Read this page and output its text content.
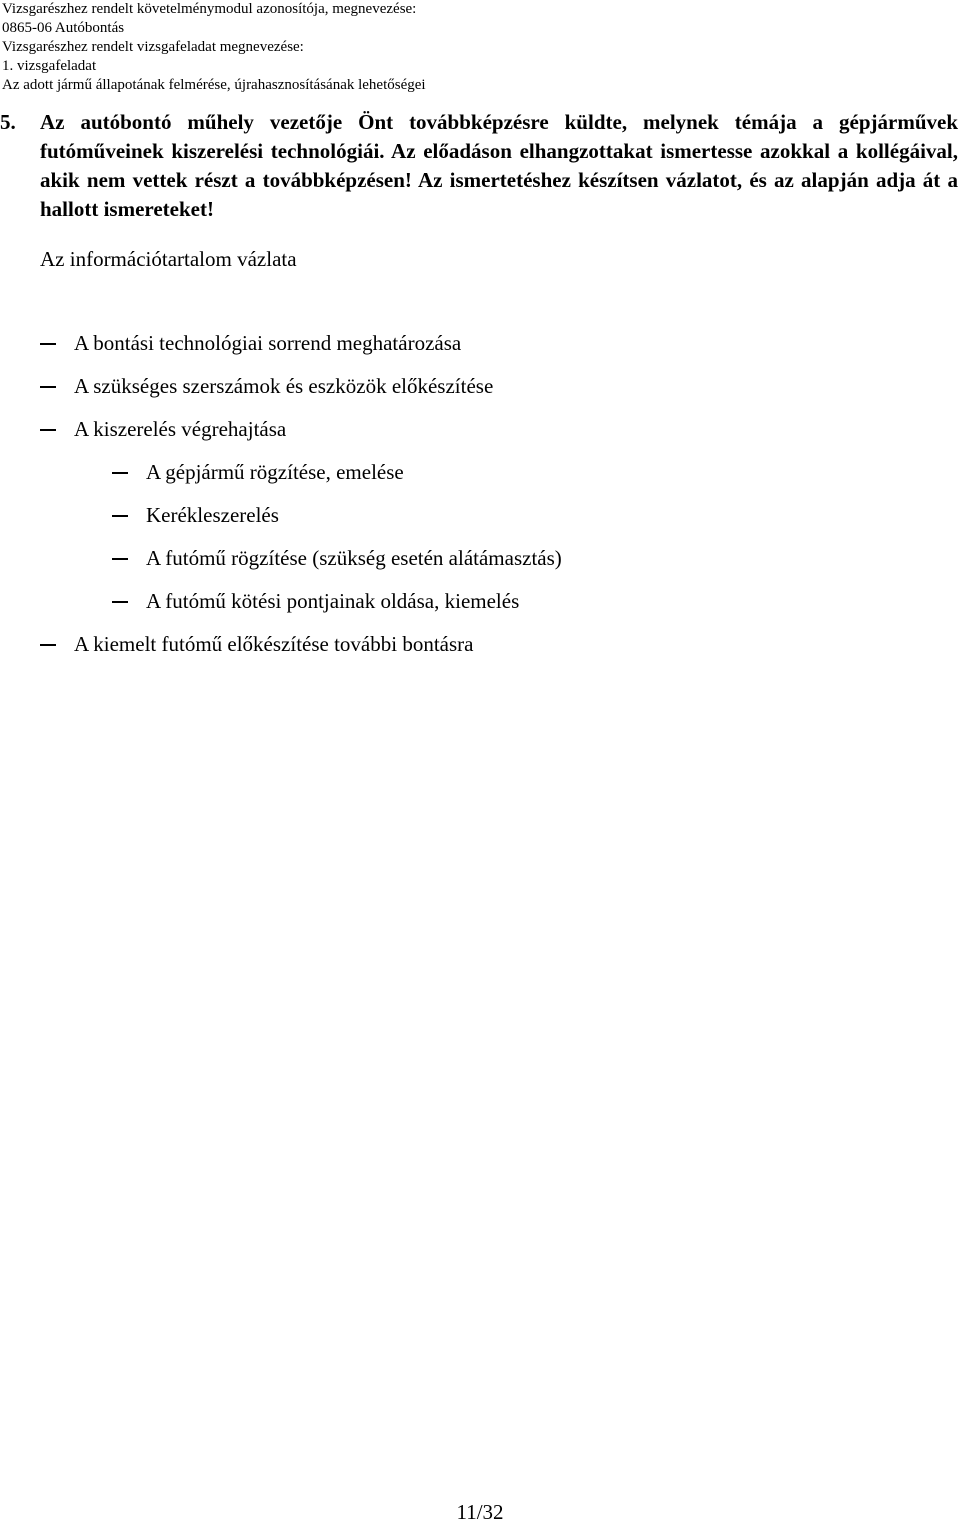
Vizsgarészhez rendelt követelménymodul azonosítója, megnevezése:
0865-06 Autóbontás
Vizsgarészhez rendelt vizsgafeladat megnevezése:
1. vizsgafeladat
Az adott jármű állapotának felmérése, újrahasznosításának lehetőségei
5.	Az autóbontó műhely vezetője Önt továbbképzésre küldte, melynek témája a gépjárművek futóműveinek kiszerelési technológiái. Az előadáson elhangzottakat ismertesse azokkal a kollégáival, akik nem vettek részt a továbbképzésen! Az ismertetéshez készítsen vázlatot, és az alapján adja át a hallott ismereteket!
Az információtartalom vázlata
A bontási technológiai sorrend meghatározása
A szükséges szerszámok és eszközök előkészítése
A kiszerelés végrehajtása
A gépjármű rögzítése, emelése
Kerékleszerelés
A futómű rögzítése (szükség esetén alátámasztás)
A futómű kötési pontjainak oldása, kiemelés
A kiemelt futómű előkészítése további bontásra
11/32
